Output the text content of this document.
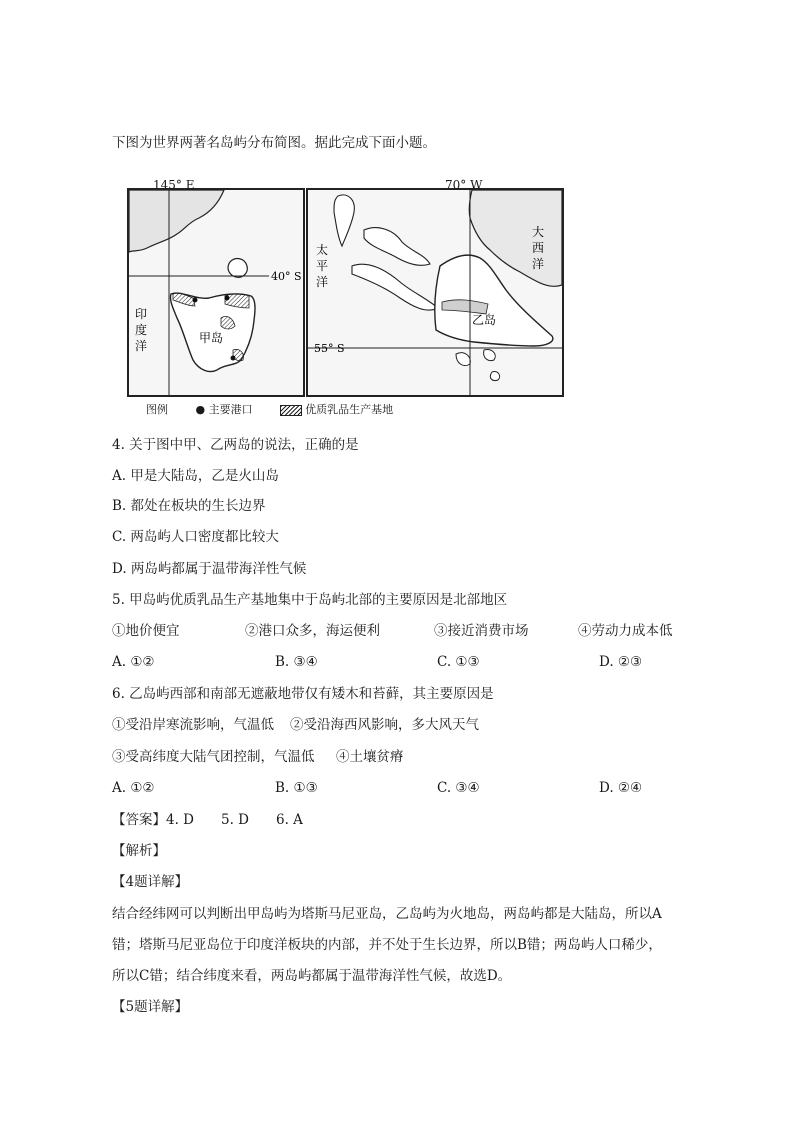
下图为世界两著名岛屿分布简图。据此完成下面小题。
40° S
印
度
洋
甲岛
145° E
太
平
洋
大
西
洋
乙岛
55° S
70° W
图例	● 主要港口	优质乳品生产基地
4. 关于图中甲、乙两岛的说法，正确的是
A. 甲是大陆岛，乙是火山岛
B. 都处在板块的生长边界
C. 两岛屿人口密度都比较大
D. 两岛屿都属于温带海洋性气候
5. 甲岛屿优质乳品生产基地集中于岛屿北部的主要原因是北部地区
①地价便宜	②港口众多，海运便利	③接近消费市场	④劳动力成本低
A. ①②	B. ③④	C. ①③	D. ②③
6. 乙岛屿西部和南部无遮蔽地带仅有矮木和苔藓，其主要原因是
①受沿岸寒流影响，气温低 ②受沿海西风影响，多大风天气
③受高纬度大陆气团控制，气温低 ④土壤贫瘠
A. ①②	B. ①③	C. ③④	D. ②④
【答案】4. D　　5. D　　6. A
【解析】
【4题详解】
结合经纬网可以判断出甲岛屿为塔斯马尼亚岛，乙岛屿为火地岛，两岛屿都是大陆岛，所以A
错；塔斯马尼亚岛位于印度洋板块的内部，并不处于生长边界，所以B错；两岛屿人口稀少，
所以C错；结合纬度来看，两岛屿都属于温带海洋性气候，故选D。
【5题详解】
